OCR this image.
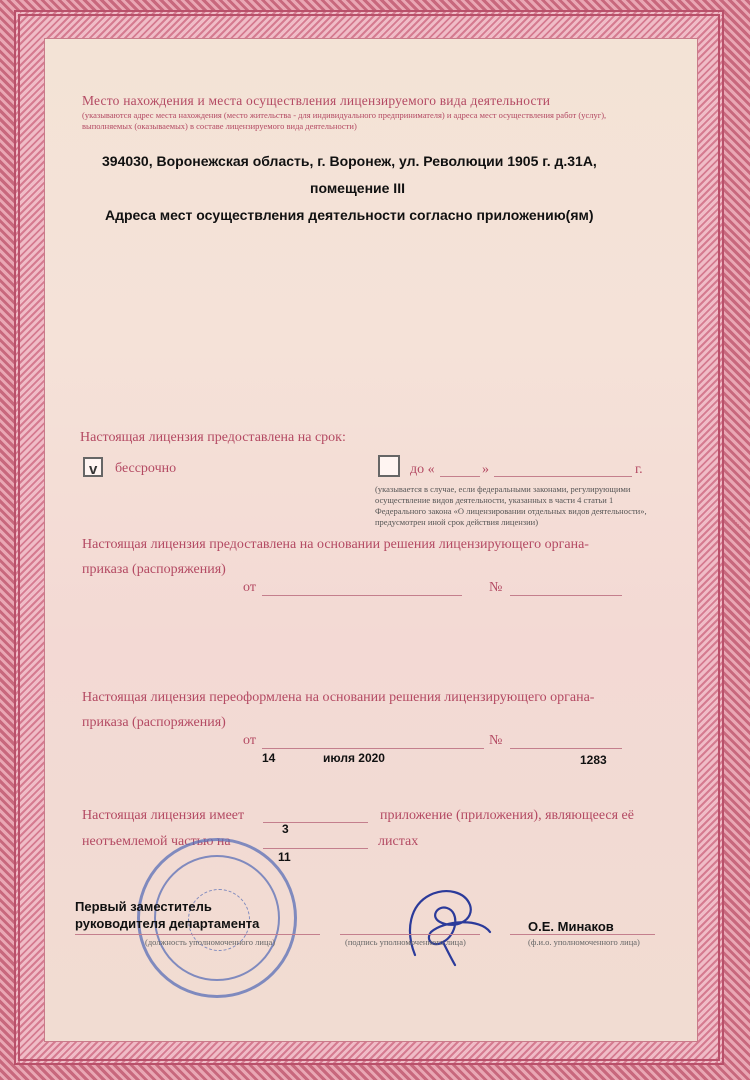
Место нахождения и места осуществления лицензируемого вида деятельности
(указываются адрес места нахождения (место жительства - для индивидуального предпринимателя) и адреса мест осуществления работ (услуг),
выполняемых (оказываемых) в составе лицензируемого вида деятельности)
394030, Воронежская область, г. Воронеж, ул. Революции 1905 г. д.31А,
помещение III
Адреса мест осуществления деятельности согласно приложению(ям)
Настоящая лицензия предоставлена на срок:
v бессрочно	до «	»	г.
(указывается в случае, если федеральными законами, регулирующими
осуществление видов деятельности, указанных в части 4 статьи 1
Федерального закона «О лицензировании отдельных видов деятельности»,
предусмотрен иной срок действия лицензии)
Настоящая лицензия предоставлена на основании решения лицензирующего органа-
приказа (распоряжения)
от	№
Настоящая лицензия переоформлена на основании решения лицензирующего органа-
приказа (распоряжения)
от	№
14	июля 2020	1283
Настоящая лицензия имеет	приложение (приложения), являющееся её
3
неотъемлемой частью на	листах
11
Первый заместитель
руководителя департамента
(должность уполномоченного лица)	(подпись уполномоченного лица)
О.Е. Минаков
(ф.и.о. уполномоченного лица)
